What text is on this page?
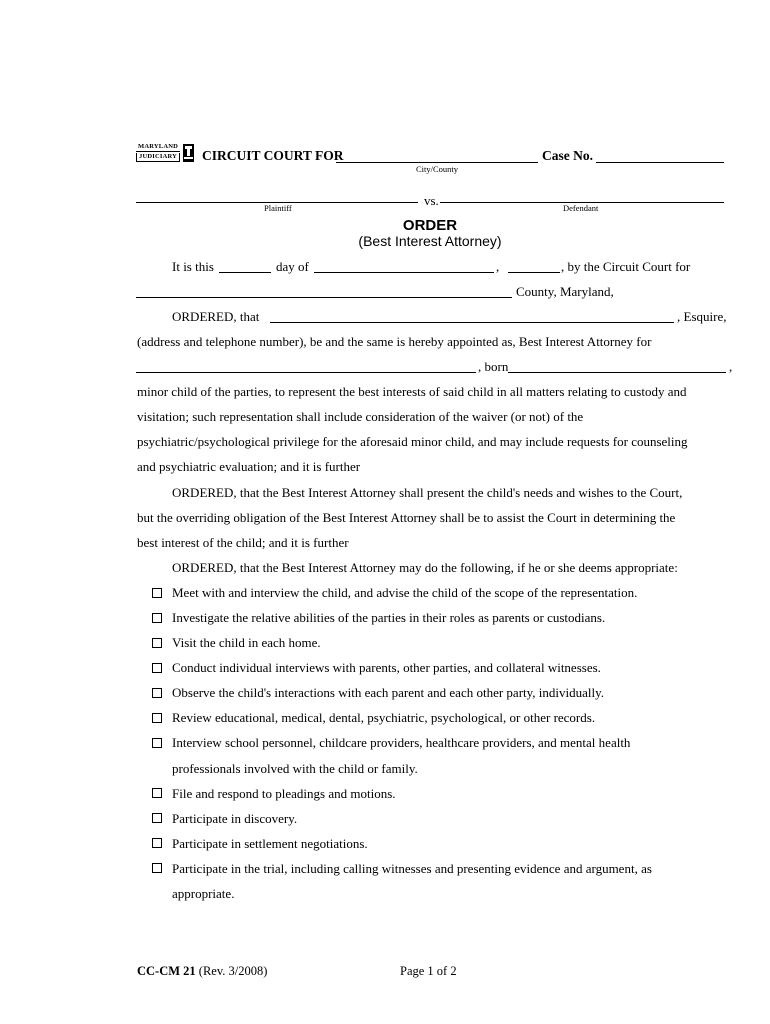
MARYLAND
JUDICIARY CIRCUIT COURT FOR	Case No.
City/County
vs.
Plaintiff	Defendant
ORDER
(Best Interest Attorney)
It is this	day of	,	, by the Circuit Court for
County, Maryland,
ORDERED, that	, Esquire,
(address and telephone number), be and the same is hereby appointed as, Best Interest Attorney for
, born	,
minor child of the parties, to represent the best interests of said child in all matters relating to custody and
visitation; such representation shall include consideration of the waiver (or not) of the
psychiatric/psychological privilege for the aforesaid minor child, and may include requests for counseling
and psychiatric evaluation; and it is further
ORDERED, that the Best Interest Attorney shall present the child's needs and wishes to the Court,
but the overriding obligation of the Best Interest Attorney shall be to assist the Court in determining the
best interest of the child; and it is further
ORDERED, that the Best Interest Attorney may do the following, if he or she deems appropriate:
Meet with and interview the child, and advise the child of the scope of the representation.
Investigate the relative abilities of the parties in their roles as parents or custodians.
Visit the child in each home.
Conduct individual interviews with parents, other parties, and collateral witnesses.
Observe the child's interactions with each parent and each other party, individually.
Review educational, medical, dental, psychiatric, psychological, or other records.
Interview school personnel, childcare providers, healthcare providers, and mental health
professionals involved with the child or family.
File and respond to pleadings and motions.
Participate in discovery.
Participate in settlement negotiations.
Participate in the trial, including calling witnesses and presenting evidence and argument, as
appropriate.
CC-CM 21 (Rev. 3/2008)	Page 1 of 2
